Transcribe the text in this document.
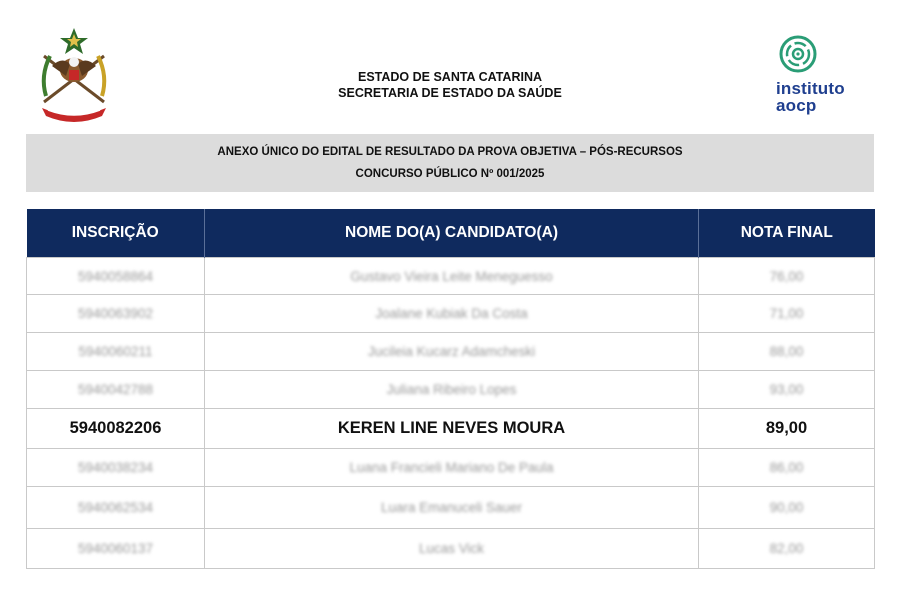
ESTADO DE SANTA CATARINA
SECRETARIA DE ESTADO DA SAÚDE	instituto
aocp
ANEXO ÚNICO DO EDITAL DE RESULTADO DA PROVA OBJETIVA – PÓS-RECURSOS
CONCURSO PÚBLICO Nº 001/2025
INSCRIÇÃO	NOME DO(A) CANDIDATO(A)	NOTA FINAL
5940058864	Gustavo Vieira Leite Meneguesso	76,00
5940063902	Joalane Kubiak Da Costa	71,00
5940060211	Jucileia Kucarz Adamcheski	88,00
5940042788	Juliana Ribeiro Lopes	93,00
5940082206	KEREN LINE NEVES MOURA	89,00
5940038234	Luana Francieli Mariano De Paula	86,00
5940062534	Luara Emanuceli Sauer	90,00
5940060137	Lucas Vick	82,00
